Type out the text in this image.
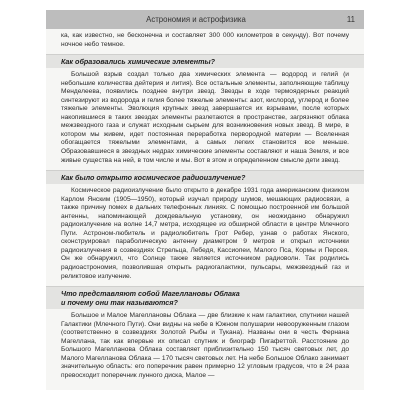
Астрономия и астрофизика	11

ка, как известно, не бесконечна и составляет 300 000 километров в секунду). Вот почему ночное небо темное.

Как образовались химические элементы?

Большой взрыв создал только два химических элемента — водород и гелий (и небольшие количества дейтерия и лития). Все остальные элементы, заполняющие таблицу Менделеева, появились позднее внутри звезд. Звезды в ходе термоядерных реакций синтезируют из водорода и гелия более тяжелые элементы: азот, кислород, углерод и более тяжелые элементы. Эволюция крупных звезд завершается их взрывами, после которых накопившиеся в таких звездах элементы разлетаются в пространстве, загрязняют облака межзвездного газа и служат исходным сырьем для возникновения новых звезд. В мире, в котором мы живем, идет постоянная переработка первородной материи — Вселенная обогащается тяжелыми элементами, а самых легких становится все меньше. Образовавшиеся в звездных недрах химические элементы составляют и наша Земля, и все живые существа на ней, в том числе и мы. Вот в этом и определенном смысле дети звезд.

Как было открыто космическое радиоизлучение?

Космическое радиоизлучение было открыто в декабре 1931 года американским физиком Карлом Янским (1905—1950), который изучал природу шумов, мешающих радиосвязи, а также причину помех в дальних телефонных линиях. С помощью построенной им большой антенны, напоминающей дождевальную установку, он неожиданно обнаружил радиоизлучение на волне 14,7 метра, исходящее из обширной области в центре Млечного Пути. Астроном-любитель и радиолюбитель Грот Ребер, узнав о работах Янского, сконструировал параболическую антенну диаметром 9 метров и открыл источники радиоизлучения в созвездиях Стрельца, Лебедя, Кассиопеи, Малого Пса, Кормы и Персея. Он же обнаружил, что Солнце также является источником радиоволн. Так родились радиоастрономия, позволившая открыть радиогалактики, пульсары, межзвездный газ и реликтовое излучение.

Что представляют собой Магеллановы Облака
и почему они так называются?

Большое и Малое Магеллановы Облака — две близкие к нам галактики, спутники нашей Галактики (Млечного Пути). Они видны на небе в Южном полушарии невооруженным глазом (соответственно в созвездиях Золотой Рыбы и Тукана). Названы они в честь Фернана Магеллана, так как впервые их описал спутник и биограф Пигафеттой. Расстояние до Большого Магелланова Облака составляет приблизительно 150 тысяч световых лет, до Малого Магелланова Облака — 170 тысяч световых лет. На небе Большое Облако занимает значительную область: его поперечник равен примерно 12 угловым градусов, что в 24 раза превосходит поперечник лунного диска, Малое —
